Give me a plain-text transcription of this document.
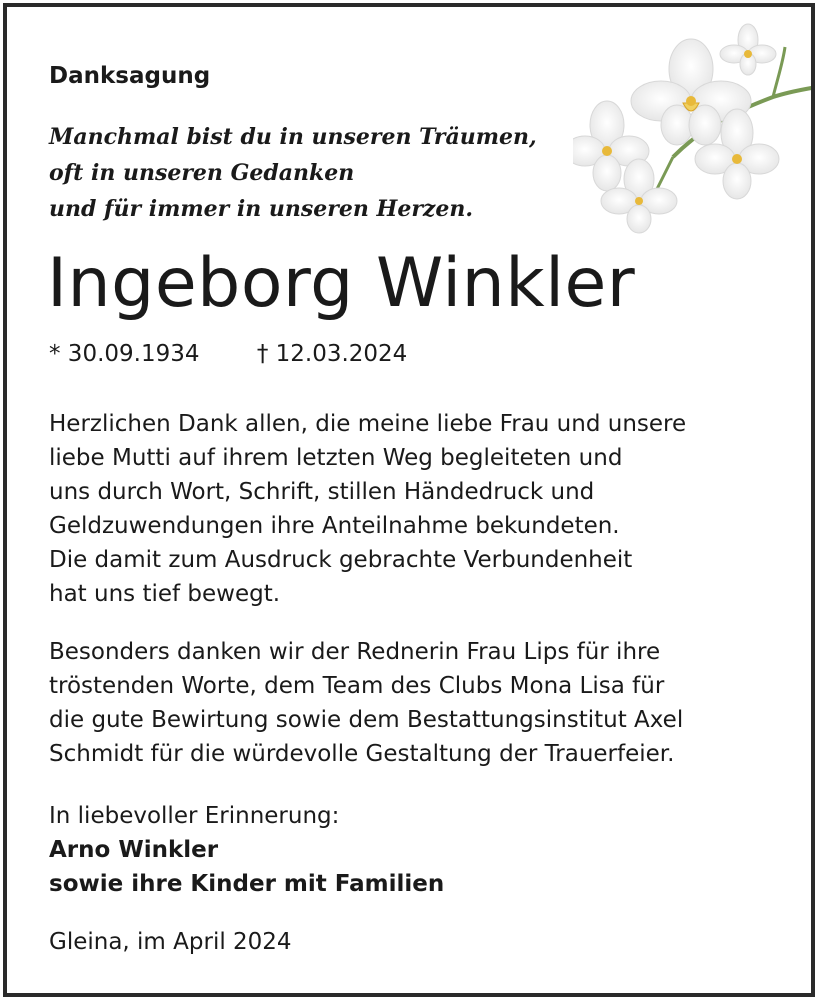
Danksagung
Manchmal bist du in unseren Träumen,
oft in unseren Gedanken
und für immer in unseren Herzen.
Ingeborg Winkler
* 30.09.1934 † 12.03.2024
Herzlichen Dank allen, die meine liebe Frau und unsere
liebe Mutti auf ihrem letzten Weg begleiteten und
uns durch Wort, Schrift, stillen Händedruck und
Geldzuwendungen ihre Anteilnahme bekundeten.
Die damit zum Ausdruck gebrachte Verbundenheit
hat uns tief bewegt.
Besonders danken wir der Rednerin Frau Lips für ihre
tröstenden Worte, dem Team des Clubs Mona Lisa für
die gute Bewirtung sowie dem Bestattungsinstitut Axel
Schmidt für die würdevolle Gestaltung der Trauerfeier.
In liebevoller Erinnerung:
Arno Winkler
sowie ihre Kinder mit Familien
Gleina, im April 2024
